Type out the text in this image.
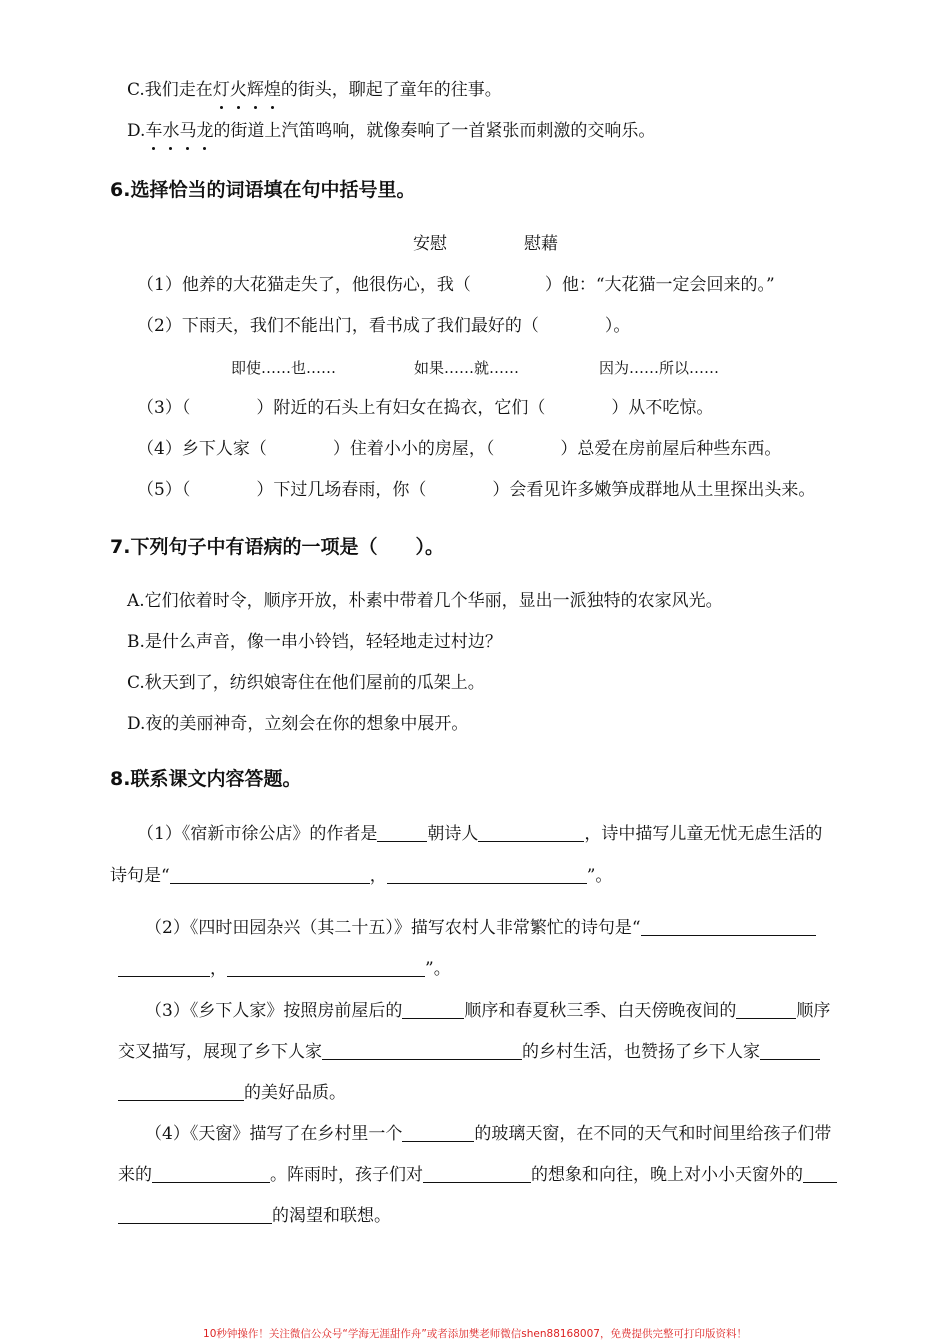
C.我们走在灯火辉煌的街头，聊起了童年的往事。
D.车水马龙的街道上汽笛鸣响，就像奏响了一首紧张而刺激的交响乐。
6.选择恰当的词语填在句中括号里。
安慰	慰藉
（1）他养的大花猫走失了，他很伤心，我（	）他：“大花猫一定会回来的。”
（2）下雨天，我们不能出门，看书成了我们最好的（	）。
即使……也……	如果……就……	因为……所以……
（3）（	）附近的石头上有妇女在捣衣，它们（	）从不吃惊。
（4）乡下人家（	）住着小小的房屋，（	）总爱在房前屋后种些东西。
（5）（	）下过几场春雨，你（	）会看见许多嫩笋成群地从土里探出头来。
7.下列句子中有语病的一项是（　　）。
A.它们依着时令，顺序开放，朴素中带着几个华丽，显出一派独特的农家风光。
B.是什么声音，像一串小铃铛，轻轻地走过村边？
C.秋天到了，纺织娘寄住在他们屋前的瓜架上。
D.夜的美丽神奇，立刻会在你的想象中展开。
8.联系课文内容答题。
（1）《宿新市徐公店》的作者是	朝诗人	，诗中描写儿童无忧无虑生活的
诗句是“	，	”。
（2）《四时田园杂兴（其二十五）》描写农村人非常繁忙的诗句是“
，	”。
（3）《乡下人家》按照房前屋后的	顺序和春夏秋三季、白天傍晚夜间的	顺序
交叉描写，展现了乡下人家	的乡村生活，也赞扬了乡下人家
的美好品质。
（4）《天窗》描写了在乡村里一个	的玻璃天窗，在不同的天气和时间里给孩子们带
来的	。阵雨时，孩子们对	的想象和向往，晚上对小小天窗外的
的渴望和联想。
10秒钟操作！关注微信公众号“学海无涯甜作舟”或者添加樊老师微信shen88168007，免费提供完整可打印版资料！
